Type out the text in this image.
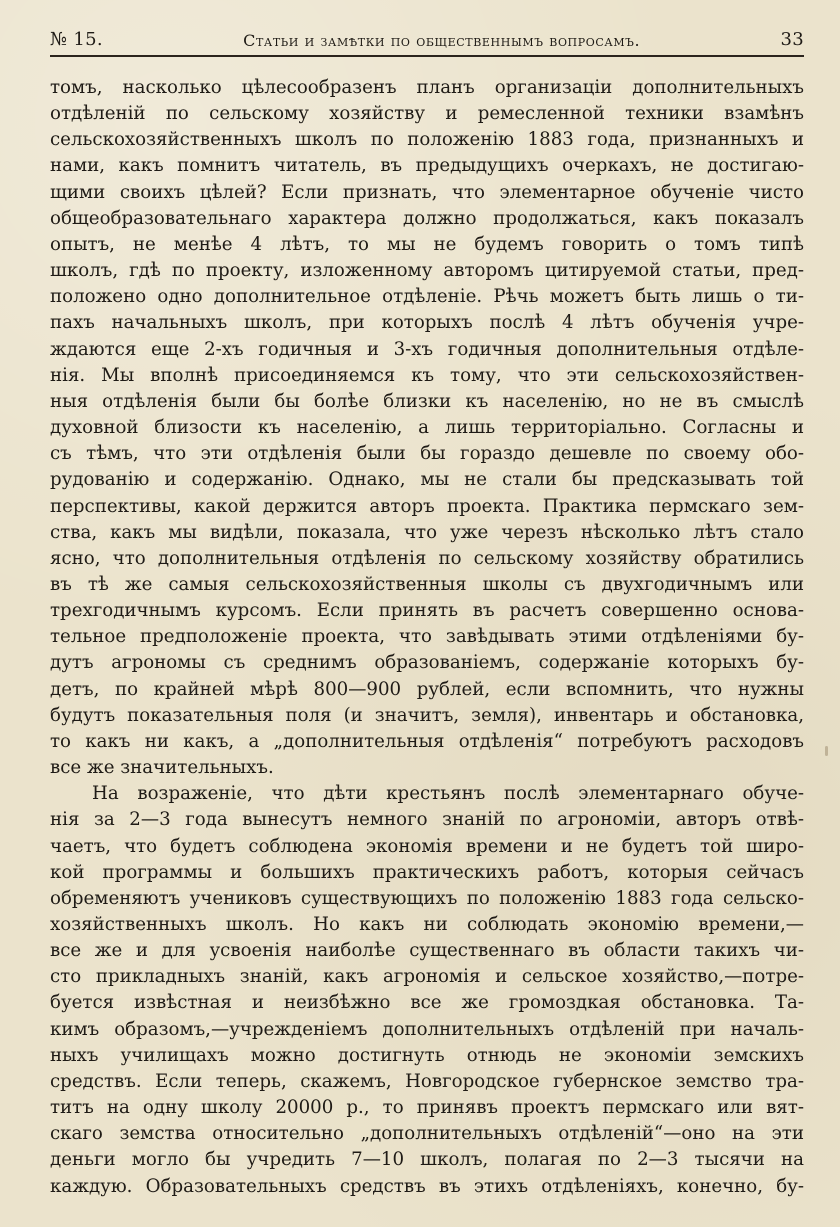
№ 15.	Статьи и замѣтки по общественнымъ вопросамъ.	33
томъ, насколько цѣлесообразенъ планъ организаціи дополнительныхъ
отдѣленій по сельскому хозяйству и ремесленной техники взамѣнъ
сельскохозяйственныхъ школъ по положенію 1883 года, признанныхъ и
нами, какъ помнитъ читатель, въ предыдущихъ очеркахъ, не достигаю-
щими своихъ цѣлей? Если признать, что элементарное обученіе чисто
общеобразовательнаго характера должно продолжаться, какъ показалъ
опытъ, не менѣе 4 лѣтъ, то мы не будемъ говорить о томъ типѣ
школъ, гдѣ по проекту, изложенному авторомъ цитируемой статьи, пред-
положено одно дополнительное отдѣленіе. Рѣчь можетъ быть лишь о ти-
пахъ начальныхъ школъ, при которыхъ послѣ 4 лѣтъ обученія учре-
ждаются еще 2-хъ годичныя и 3-хъ годичныя дополнительныя отдѣле-
нія. Мы вполнѣ присоединяемся къ тому, что эти сельскохозяйствен-
ныя отдѣленія были бы болѣе близки къ населенію, но не въ смыслѣ
духовной близости къ населенію, а лишь территоріально. Согласны и
съ тѣмъ, что эти отдѣленія были бы гораздо дешевле по своему обо-
рудованію и содержанію. Однако, мы не стали бы предсказывать той
перспективы, какой держится авторъ проекта. Практика пермскаго зем-
ства, какъ мы видѣли, показала, что уже черезъ нѣсколько лѣтъ стало
ясно, что дополнительныя отдѣленія по сельскому хозяйству обратились
въ тѣ же самыя сельскохозяйственныя школы съ двухгодичнымъ или
трехгодичнымъ курсомъ. Если принять въ расчетъ совершенно основа-
тельное предположеніе проекта, что завѣдывать этими отдѣленіями бу-
дутъ агрономы съ среднимъ образованіемъ, содержаніе которыхъ бу-
детъ, по крайней мѣрѣ 800—900 рублей, если вспомнить, что нужны
будутъ показательныя поля (и значитъ, земля), инвентарь и обстановка,
то какъ ни какъ, а „дополнительныя отдѣленія“ потребуютъ расходовъ
все же значительныхъ.
На возраженіе, что дѣти крестьянъ послѣ элементарнаго обуче-
нія за 2—3 года вынесутъ немного знаній по агрономіи, авторъ отвѣ-
чаетъ, что будетъ соблюдена экономія времени и не будетъ той широ-
кой программы и большихъ практическихъ работъ, которыя сейчасъ
обременяютъ учениковъ существующихъ по положенію 1883 года сельско-
хозяйственныхъ школъ. Но какъ ни соблюдать экономію времени,—
все же и для усвоенія наиболѣе существеннаго въ области такихъ чи-
сто прикладныхъ знаній, какъ агрономія и сельское хозяйство,—потре-
буется извѣстная и неизбѣжно все же громоздкая обстановка. Та-
кимъ образомъ,—учрежденіемъ дополнительныхъ отдѣленій при началь-
ныхъ училищахъ можно достигнуть отнюдь не экономіи земскихъ
средствъ. Если теперь, скажемъ, Новгородское губернское земство тра-
титъ на одну школу 20000 р., то принявъ проектъ пермскаго или вят-
скаго земства относительно „дополнительныхъ отдѣленій“—оно на эти
деньги могло бы учредить 7—10 школъ, полагая по 2—3 тысячи на
каждую. Образовательныхъ средствъ въ этихъ отдѣленіяхъ, конечно, бу-
